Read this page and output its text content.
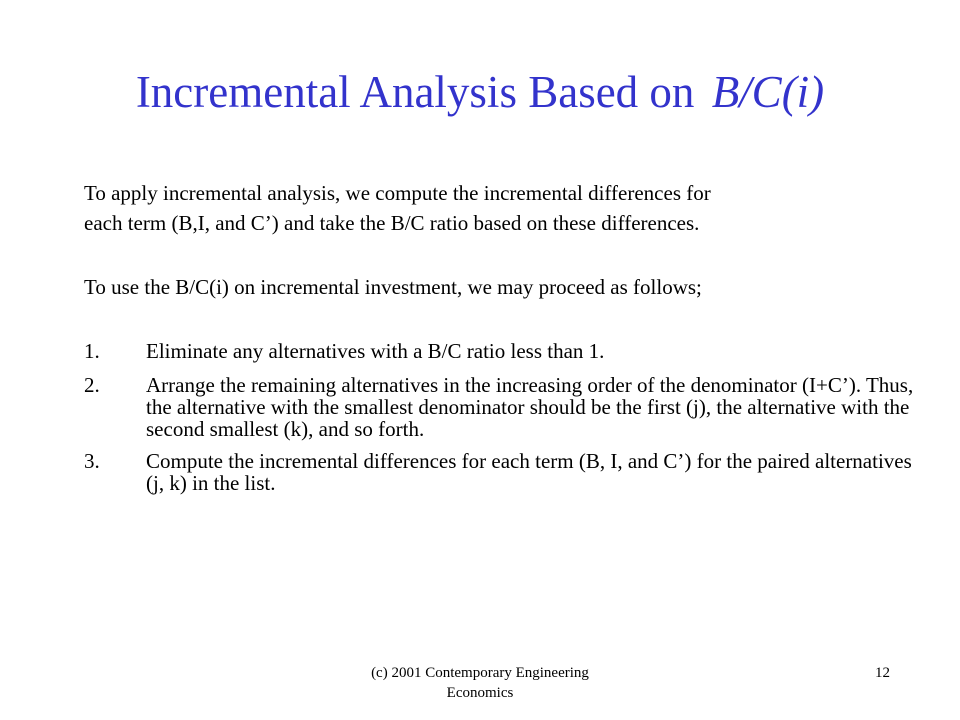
Incremental Analysis Based on B/C(i)
To apply incremental analysis, we compute the incremental differences for
each term (B,I, and C’) and take the B/C ratio based on these differences.
To use the B/C(i) on incremental investment, we may proceed as follows;
1. Eliminate any alternatives with a B/C ratio less than 1.
2. Arrange the remaining alternatives in the increasing order of the denominator (I+C’). Thus, the alternative with the smallest denominator should be the first (j), the alternative with the second smallest (k), and so forth.
3. Compute the incremental differences for each term (B, I, and C’) for the paired alternatives (j, k) in the list.
(c) 2001 Contemporary Engineering
Economics
12
